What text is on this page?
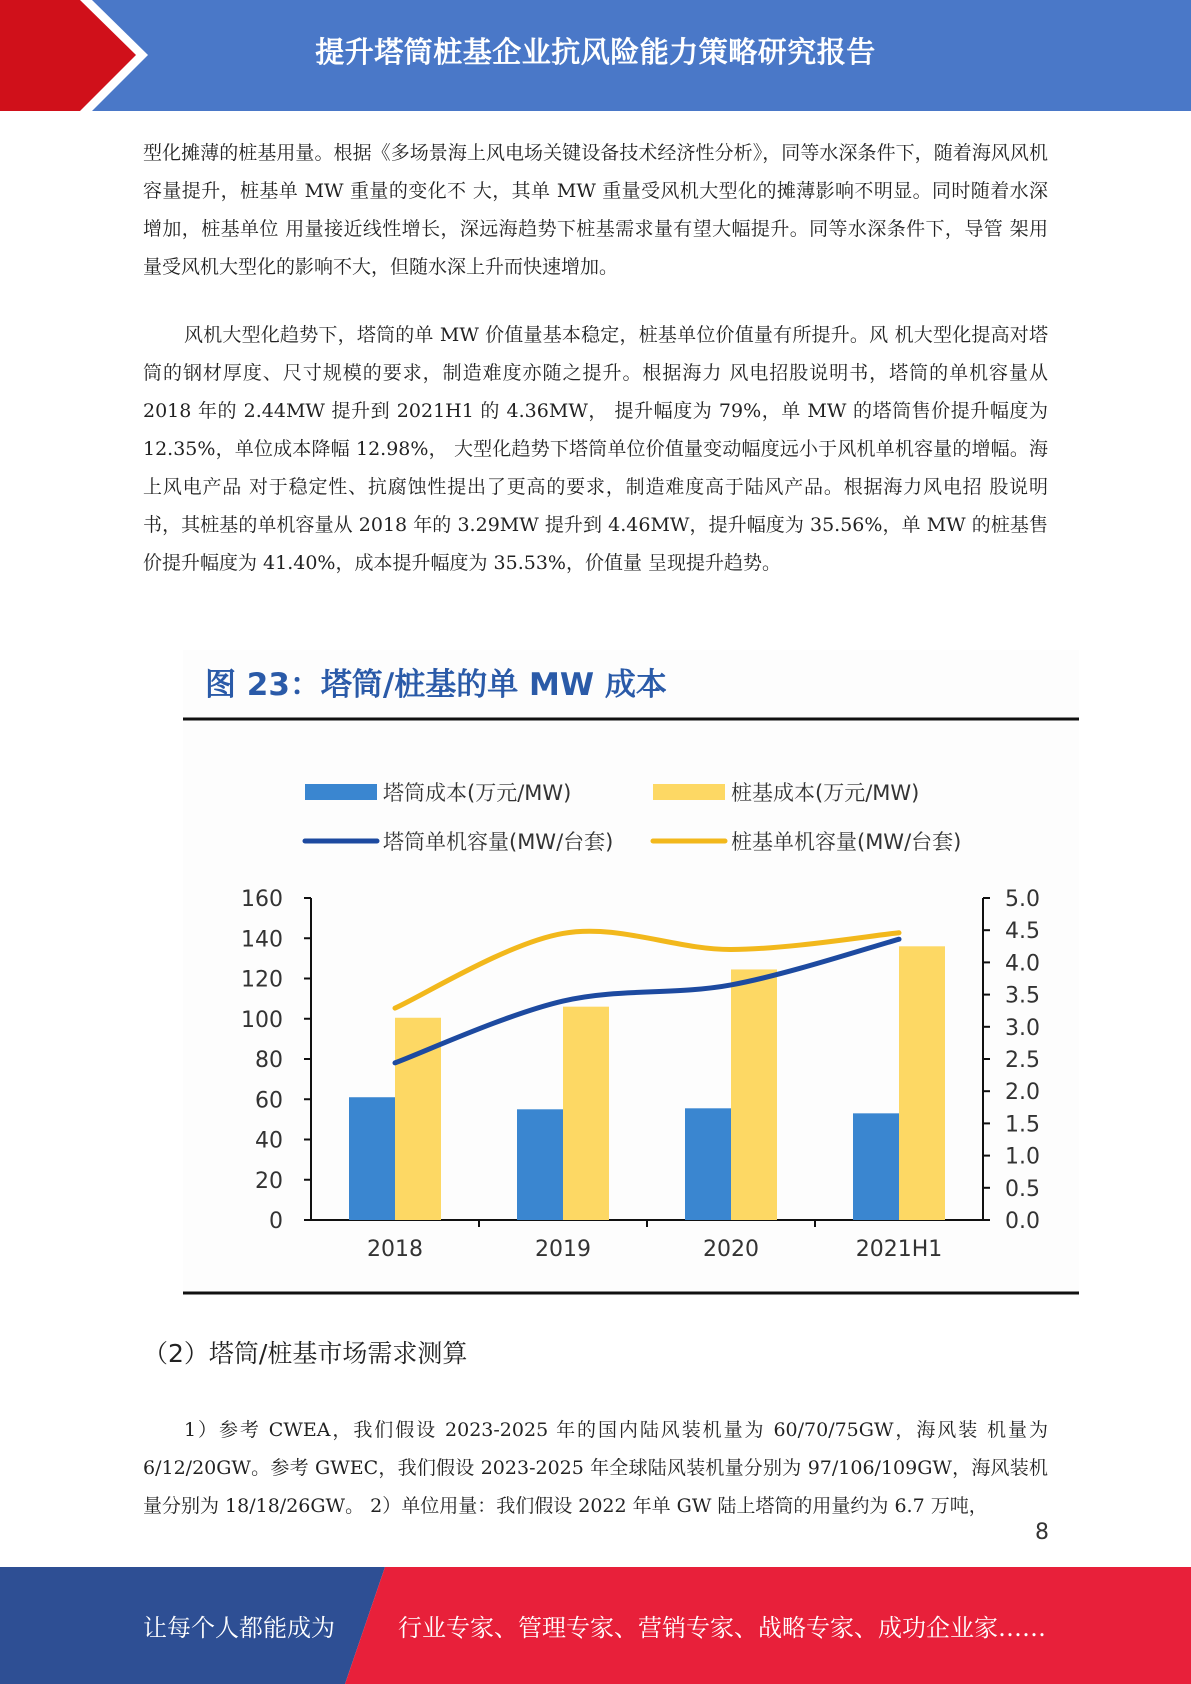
提升塔筒桩基企业抗风险能力策略研究报告

型化摊薄的桩基用量。根据《多场景海上风电场关键设备技术经济性分析》，同等水深条件下，随着海风风机容量提升，桩基单 MW 重量的变化不 大，其单 MW 重量受风机大型化的摊薄影响不明显。同时随着水深增加，桩基单位 用量接近线性增长，深远海趋势下桩基需求量有望大幅提升。同等水深条件下，导管 架用量受风机大型化的影响不大，但随水深上升而快速增加。

风机大型化趋势下，塔筒的单 MW 价值量基本稳定，桩基单位价值量有所提升。风 机大型化提高对塔筒的钢材厚度、尺寸规模的要求，制造难度亦随之提升。根据海力 风电招股说明书，塔筒的单机容量从 2018 年的 2.44MW 提升到 2021H1 的 4.36MW， 提升幅度为 79%，单 MW 的塔筒售价提升幅度为 12.35%，单位成本降幅 12.98%， 大型化趋势下塔筒单位价值量变动幅度远小于风机单机容量的增幅。海上风电产品 对于稳定性、抗腐蚀性提出了更高的要求，制造难度高于陆风产品。根据海力风电招 股说明书，其桩基的单机容量从 2018 年的 3.29MW 提升到 4.46MW，提升幅度为 35.56%，单 MW 的桩基售价提升幅度为 41.40%，成本提升幅度为 35.53%，价值量 呈现提升趋势。

图 23：塔筒/桩基的单 MW 成本
塔筒成本(万元/MW)	桩基成本(万元/MW)
塔筒单机容量(MW/台套)	桩基单机容量(MW/台套)
0
20
40
60
80
100
120
140
160
0.0
0.5
1.0
1.5
2.0
2.5
3.0
3.5
4.0
4.5
5.0
2018	2019	2020	2021H1
（2）塔筒/桩基市场需求测算

1）参考 CWEA，我们假设 2023-2025 年的国内陆风装机量为 60/70/75GW，海风装 机量为 6/12/20GW。参考 GWEC，我们假设 2023-2025 年全球陆风装机量分别为 97/106/109GW，海风装机量分别为 18/18/26GW。 2）单位用量：我们假设 2022 年单 GW 陆上塔筒的用量约为 6.7 万吨，

8
让每个人都能成为	行业专家、管理专家、营销专家、战略专家、成功企业家……
